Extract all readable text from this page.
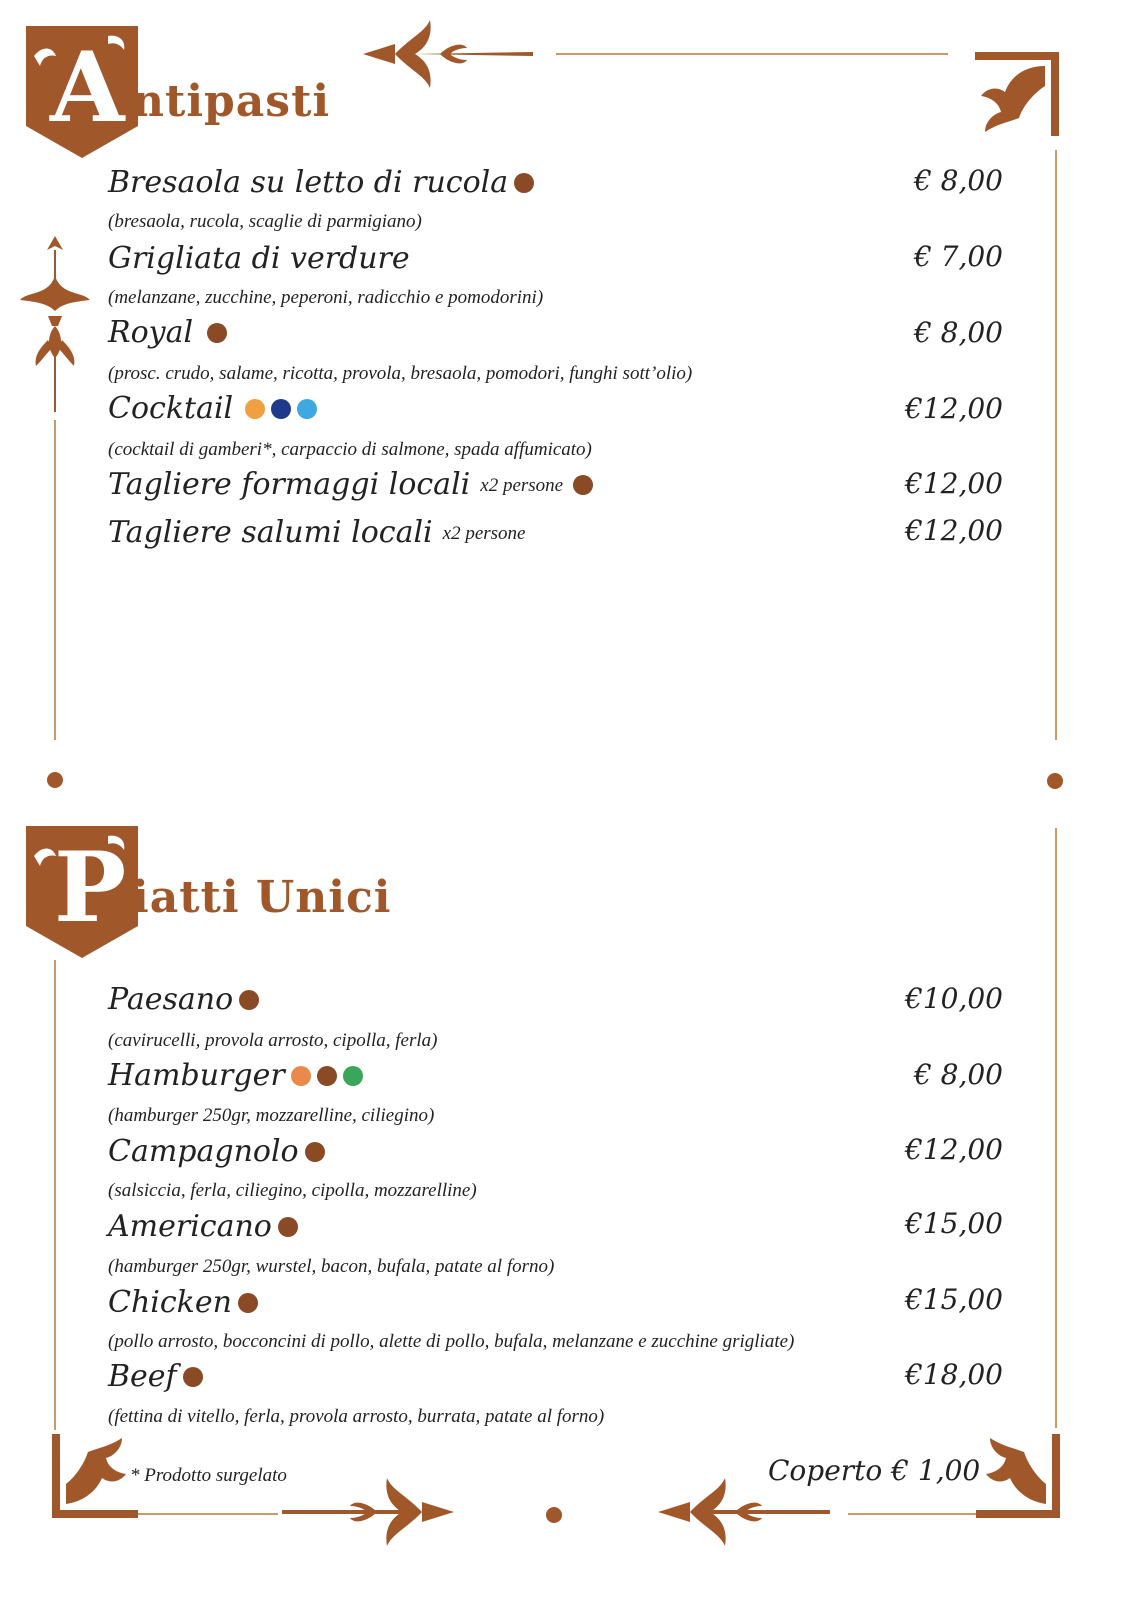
A ntipasti
Bresaola su letto di rucola	€ 8,00
(bresaola, rucola, scaglie di parmigiano)
Grigliata di verdure	€ 7,00
(melanzane, zucchine, peperoni, radicchio e pomodorini)
Royal	€ 8,00
(prosc. crudo, salame, ricotta, provola, bresaola, pomodori, funghi sott’olio)
Cocktail	€12,00
(cocktail di gamberi*, carpaccio di salmone, spada affumicato)
Tagliere formaggi locali x2 persone	€12,00
Tagliere salumi locali x2 persone	€12,00
P iatti Unici
Paesano	€10,00
(cavirucelli, provola arrosto, cipolla, ferla)
Hamburger	€ 8,00
(hamburger 250gr, mozzarelline, ciliegino)
Campagnolo	€12,00
(salsiccia, ferla, ciliegino, cipolla, mozzarelline)
Americano	€15,00
(hamburger 250gr, wurstel, bacon, bufala, patate al forno)
Chicken	€15,00
(pollo arrosto, bocconcini di pollo, alette di pollo, bufala, melanzane e zucchine grigliate)
Beef	€18,00
(fettina di vitello, ferla, provola arrosto, burrata, patate al forno)
* Prodotto surgelato	Coperto € 1,00
